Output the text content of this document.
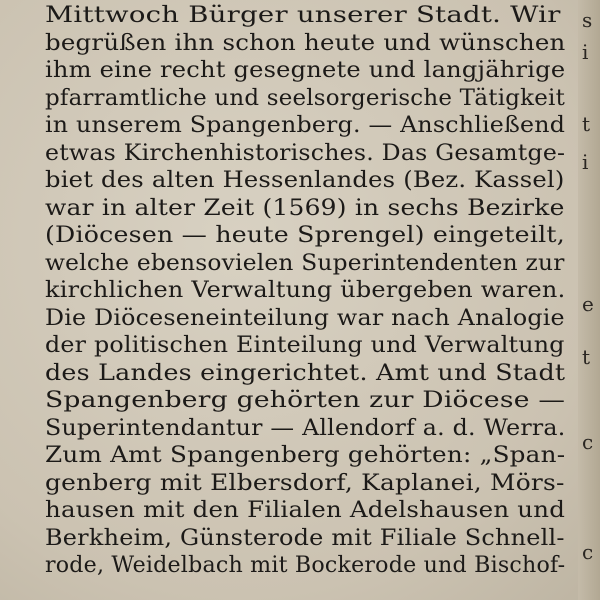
Mittwoch Bürger unserer Stadt. Wir
begrüßen ihn schon heute und wünschen
ihm eine recht gesegnete und langjährige
pfarramtliche und seelsorgerische Tätigkeit
in unserem Spangenberg. — Anschließend
etwas Kirchenhistorisches. Das Gesamtge-
biet des alten Hessenlandes (Bez. Kassel)
war in alter Zeit (1569) in sechs Bezirke
(Diöcesen — heute Sprengel) eingeteilt,
welche ebensovielen Superintendenten zur
kirchlichen Verwaltung übergeben waren.
Die Diöceseneinteilung war nach Analogie
der politischen Einteilung und Verwaltung
des Landes eingerichtet. Amt und Stadt
Spangenberg gehörten zur Diöcese —
Superintendantur — Allendorf a. d. Werra.
Zum Amt Spangenberg gehörten: „Span-
genberg mit Elbersdorf, Kaplanei, Mörs-
hausen mit den Filialen Adelshausen und
Berkheim, Günsterode mit Filiale Schnell-
rode, Weidelbach mit Bockerode und Bischof-
s
i
t
i
e
t
c
c
